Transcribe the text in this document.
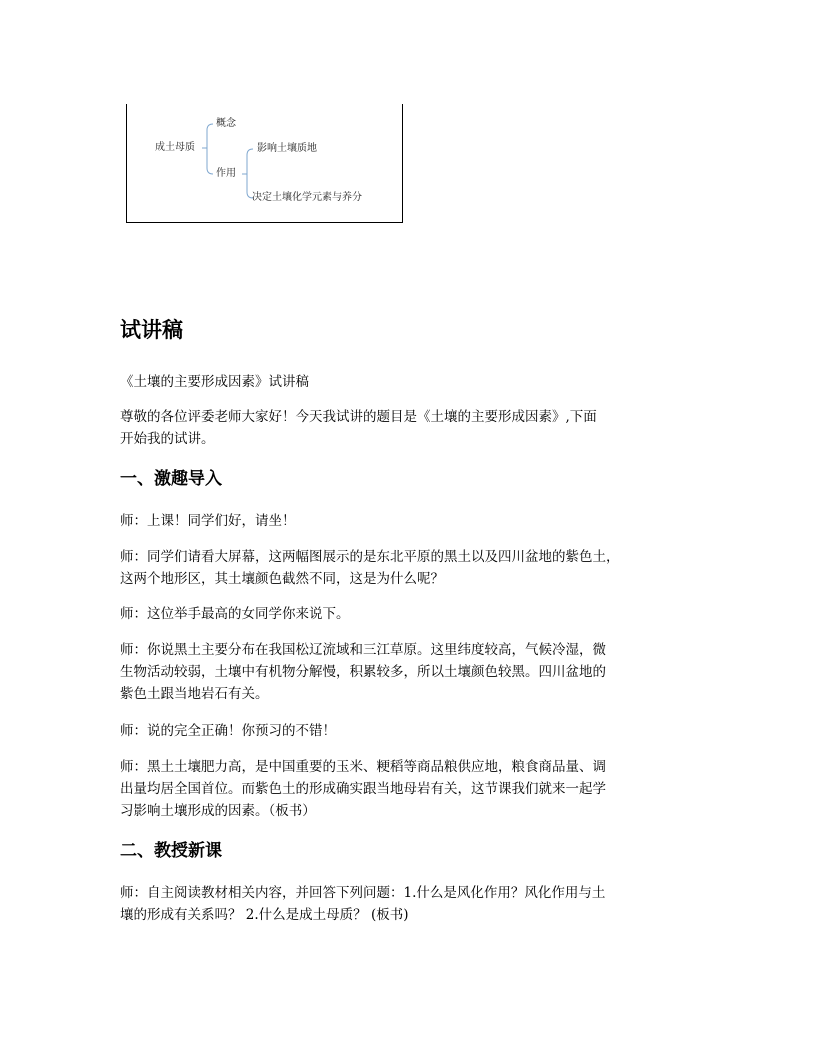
成土母质
概念
作用
影响土壤质地
决定土壤化学元素与养分
试讲稿

《土壤的主要形成因素》试讲稿

尊敬的各位评委老师大家好！今天我试讲的题目是《土壤的主要形成因素》,下面
开始我的试讲。

一、激趣导入

师：上课！同学们好，请坐！

师：同学们请看大屏幕，这两幅图展示的是东北平原的黑土以及四川盆地的紫色土，
这两个地形区，其土壤颜色截然不同，这是为什么呢？

师：这位举手最高的女同学你来说下。

师：你说黑土主要分布在我国松辽流域和三江草原。这里纬度较高，气候冷湿，微
生物活动较弱，土壤中有机物分解慢，积累较多，所以土壤颜色较黑。四川盆地的
紫色土跟当地岩石有关。

师：说的完全正确！你预习的不错！

师：黑土土壤肥力高，是中国重要的玉米、粳稻等商品粮供应地，粮食商品量、调
出量均居全国首位。而紫色土的形成确实跟当地母岩有关，这节课我们就来一起学
习影响土壤形成的因素。（板书）

二、教授新课

师：自主阅读教材相关内容，并回答下列问题：1.什么是风化作用？风化作用与土
壤的形成有关系吗？ 2.什么是成土母质？ (板书)
